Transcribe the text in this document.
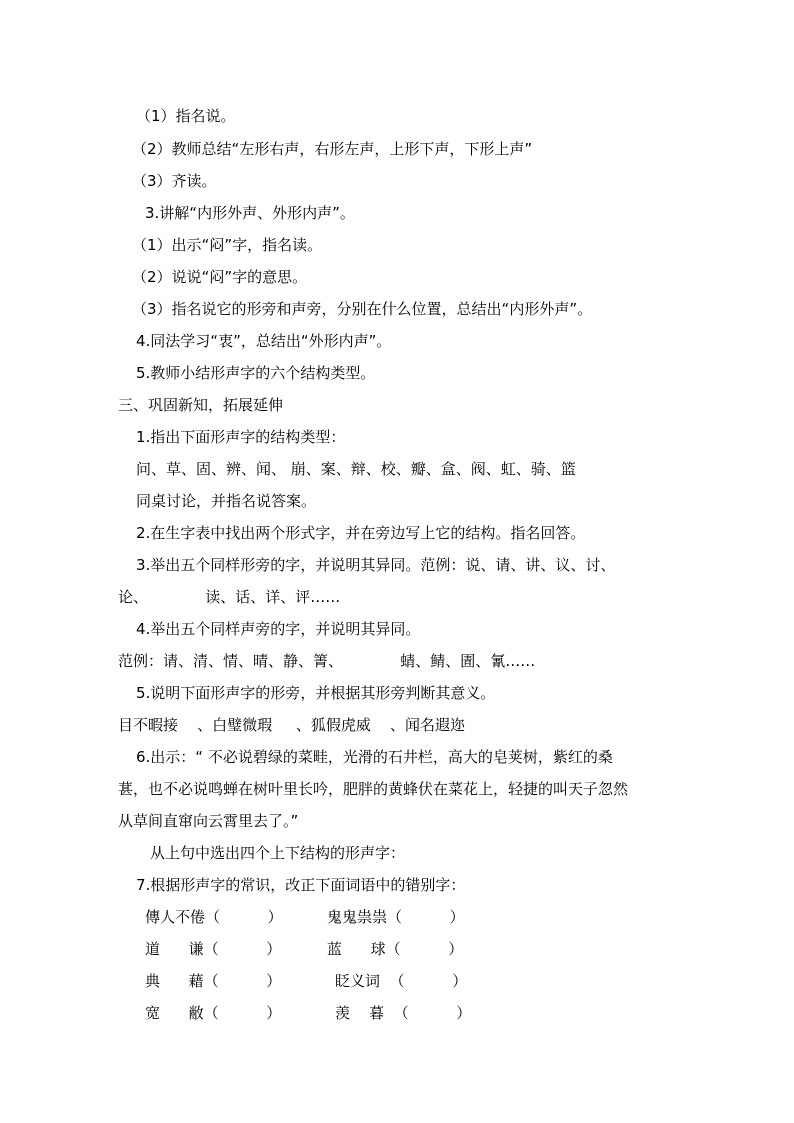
（1）指名说。
（2）教师总结“左形右声，右形左声，上形下声，下形上声”
（3）齐读。
3.讲解“内形外声、外形内声”。
（1）出示“闷”字，指名读。
（2）说说“闷”字的意思。
（3）指名说它的形旁和声旁，分别在什么位置，总结出“内形外声”。
4.同法学习“衷”，总结出“外形内声”。
5.教师小结形声字的六个结构类型。
三、巩固新知，拓展延伸
1.指出下面形声字的结构类型：
问、草、固、辨、闻、 崩、案、辩、校、瓣、盒、阀、虹、骑、篮
同桌讨论，并指名说答案。
2.在生字表中找出两个形式字，并在旁边写上它的结构。指名回答。
3.举出五个同样形旁的字，并说明其异同。范例：说、请、讲、议、讨、
论、            读、话、详、评……
4.举出五个同样声旁的字，并说明其异同。
范例：请、清、情、晴、静、箐、            蜻、鲭、圊、氰……
5.说明下面形声字的形旁，并根据其形旁判断其意义。
目不暇接    、白璧微瑕     、狐假虎威    、闻名遐迩
6.出示：“ 不必说碧绿的菜畦，光滑的石井栏，高大的皂荚树，紫红的桑
葚，也不必说鸣蝉在树叶里长吟，肥胖的黄蜂伏在菜花上，轻捷的叫天子忽然
从草间直窜向云霄里去了。”
从上句中选出四个上下结构的形声字：
7.根据形声字的常识，改正下面词语中的错别字：
傳人不倦（          ）	鬼鬼祟祟（          ）
道      谦（          ）	蓝      球（          ）
典      藉（          ）	眨义词  （          ）
宽      敝（          ）	羡    暮  （          ）
